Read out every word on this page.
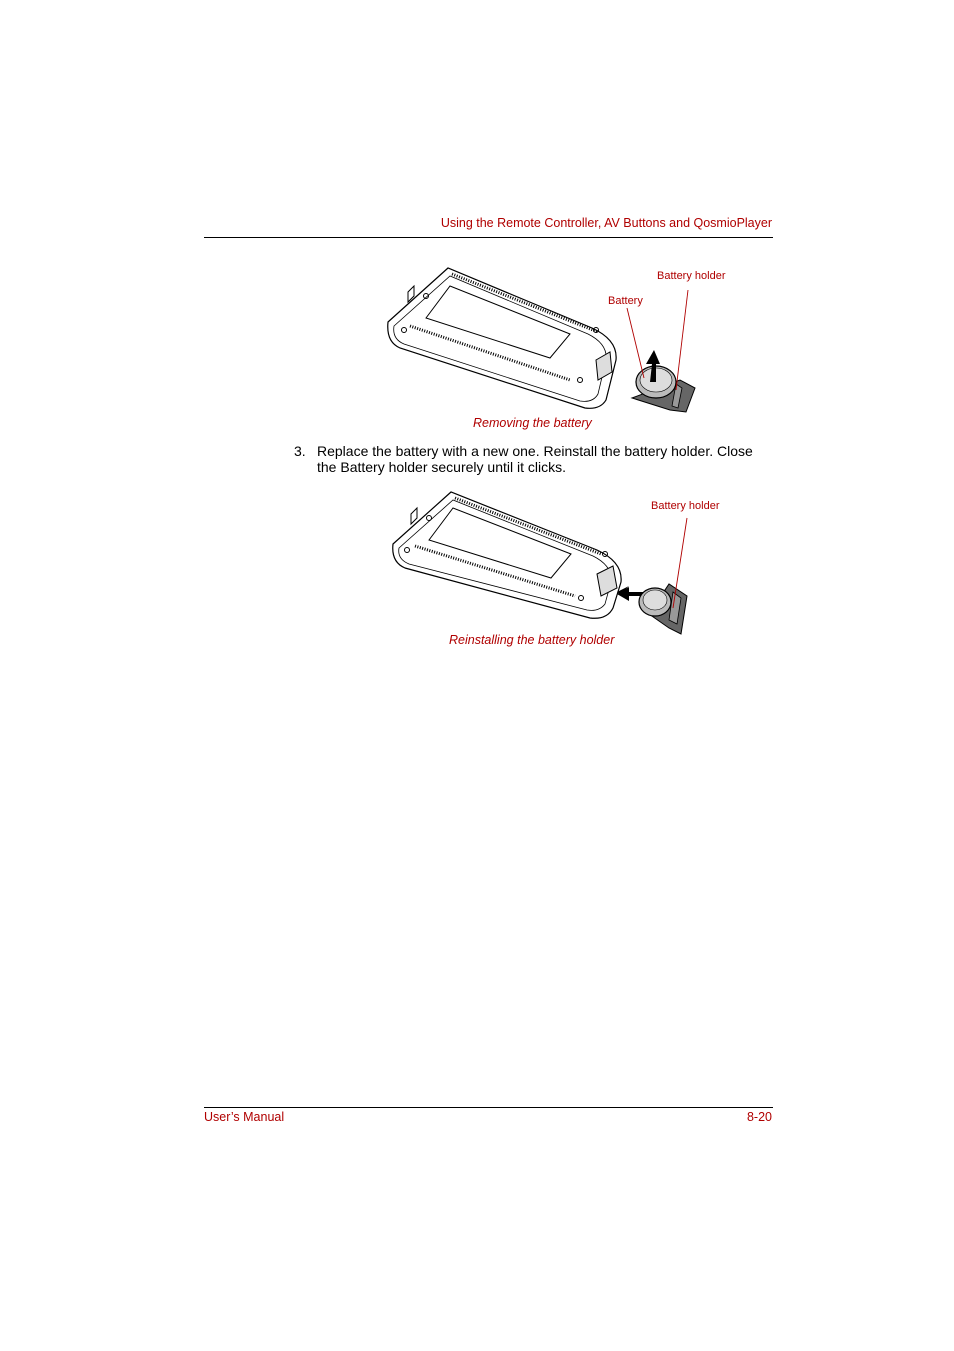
Using the Remote Controller, AV Buttons and QosmioPlayer
Battery holder
Battery
Removing the battery
3. Replace the battery with a new one. Reinstall the battery holder. Close the Battery holder securely until it clicks.
Battery holder
Reinstalling the battery holder
User’s Manual	8-20
